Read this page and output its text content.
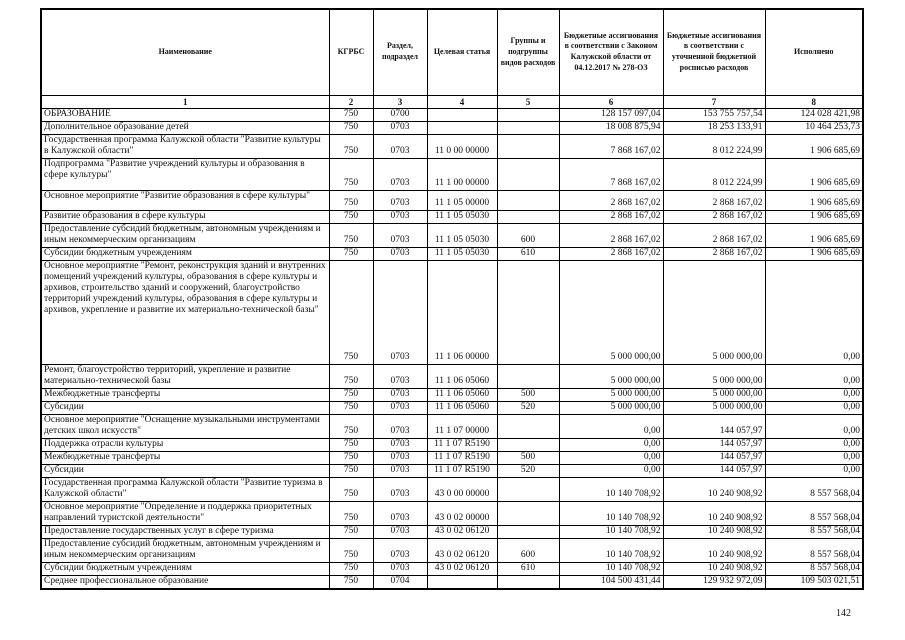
Наименование	КГРБС	Раздел, подраздел	Целевая статья	Группы и подгруппы видов расходов	Бюджетные ассигнования в соответствии с Законом Калужской области от 04.12.2017 № 278-ОЗ	Бюджетные ассигнования в соответствии с уточненной бюджетной росписью расходов	Исполнено
1	2	3	4	5	6	7	8
ОБРАЗОВАНИЕ	750	0700			128 157 097,04	153 755 757,54	124 028 421,98
Дополнительное образование детей	750	0703			18 008 875,94	18 253 133,91	10 464 253,73
Государственная программа Калужской области "Развитие культуры в Калужской области"	750	0703	11 0 00 00000		7 868 167,02	8 012 224,99	1 906 685,69
Подпрограмма "Развитие учреждений культуры и образования в сфере культуры"	750	0703	11 1 00 00000		7 868 167,02	8 012 224,99	1 906 685,69
Основное мероприятие "Развитие образования в сфере культуры"	750	0703	11 1 05 00000		2 868 167,02	2 868 167,02	1 906 685,69
Развитие образования в сфере культуры	750	0703	11 1 05 05030		2 868 167,02	2 868 167,02	1 906 685,69
Предоставление субсидий бюджетным, автономным учреждениям и иным некоммерческим организациям	750	0703	11 1 05 05030	600	2 868 167,02	2 868 167,02	1 906 685,69
Субсидии бюджетным учреждениям	750	0703	11 1 05 05030	610	2 868 167,02	2 868 167,02	1 906 685,69
Основное мероприятие "Ремонт, реконструкция зданий и внутренних помещений учреждений культуры, образования в сфере культуры и архивов, строительство зданий и сооружений, благоустройство территорий учреждений культуры, образования в сфере культуры и архивов, укрепление и развитие их материально-технической базы"	750	0703	11 1 06 00000		5 000 000,00	5 000 000,00	0,00
Ремонт, благоустройство территорий, укрепление и развитие материально-технической базы	750	0703	11 1 06 05060		5 000 000,00	5 000 000,00	0,00
Межбюджетные трансферты	750	0703	11 1 06 05060	500	5 000 000,00	5 000 000,00	0,00
Субсидии	750	0703	11 1 06 05060	520	5 000 000,00	5 000 000,00	0,00
Основное мероприятие "Оснащение музыкальными инструментами детских школ искусств"	750	0703	11 1 07 00000		0,00	144 057,97	0,00
Поддержка отрасли культуры	750	0703	11 1 07 R5190		0,00	144 057,97	0,00
Межбюджетные трансферты	750	0703	11 1 07 R5190	500	0,00	144 057,97	0,00
Субсидии	750	0703	11 1 07 R5190	520	0,00	144 057,97	0,00
Государственная программа Калужской области "Развитие туризма в Калужской области"	750	0703	43 0 00 00000		10 140 708,92	10 240 908,92	8 557 568,04
Основное мероприятие "Определение и поддержка приоритетных направлений туристской деятельности"	750	0703	43 0 02 00000		10 140 708,92	10 240 908,92	8 557 568,04
Предоставление государственных услуг в сфере туризма	750	0703	43 0 02 06120		10 140 708,92	10 240 908,92	8 557 568,04
Предоставление субсидий бюджетным, автономным учреждениям и иным некоммерческим организациям	750	0703	43 0 02 06120	600	10 140 708,92	10 240 908,92	8 557 568,04
Субсидии бюджетным учреждениям	750	0703	43 0 02 06120	610	10 140 708,92	10 240 908,92	8 557 568,04
Среднее профессиональное образование	750	0704			104 500 431,44	129 932 972,09	109 503 021,51
142
